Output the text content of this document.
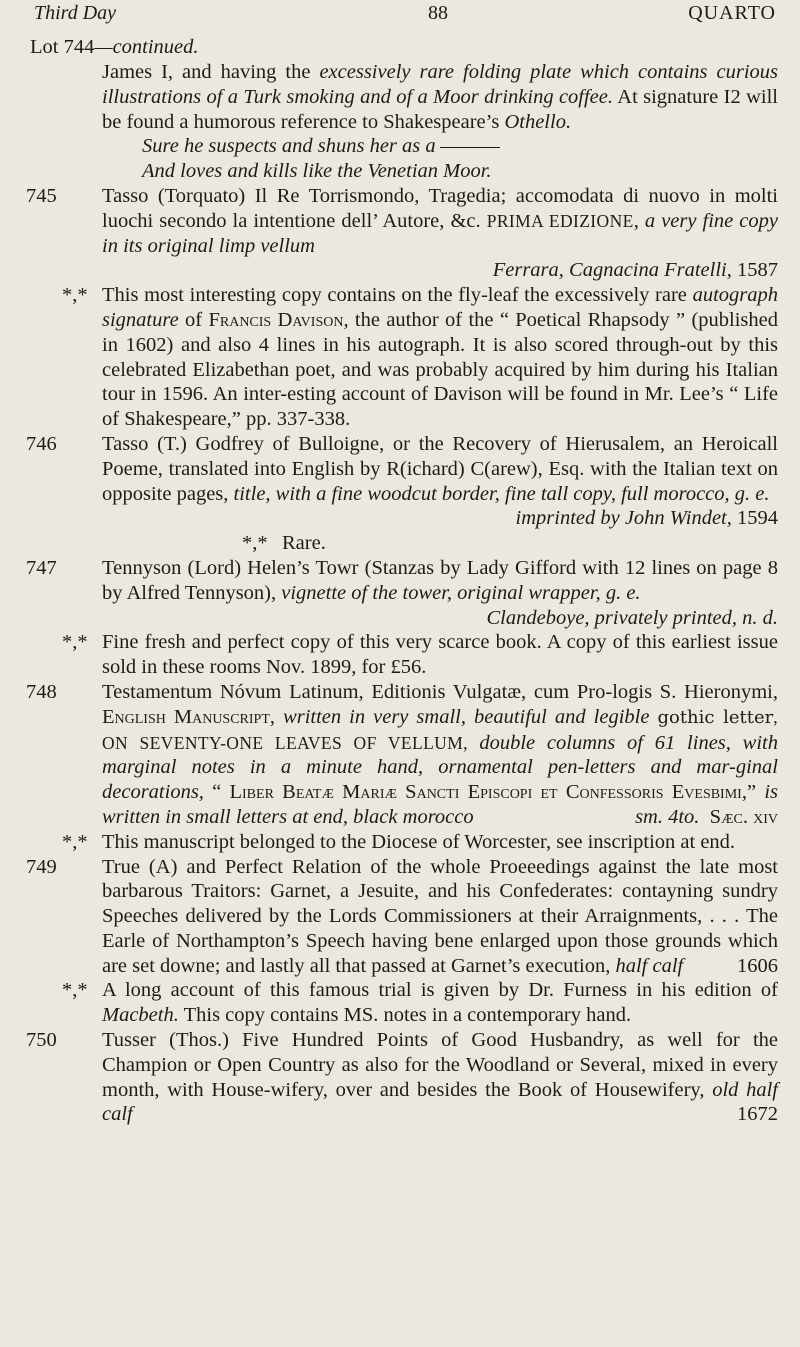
Third Day	88	QUARTO
Lot 744—continued.
James I, and having the excessively rare folding plate which contains curious illustrations of a Turk smoking and of a Moor drinking coffee. At signature I2 will be found a humorous reference to Shakespeare’s Othello.
Sure he suspects and shuns her as a
And loves and kills like the Venetian Moor.
745 Tasso (Torquato) Il Re Torrismondo, Tragedia; accomodata di nuovo in molti luochi secondo la intentione dell’ Autore, &c. PRIMA EDIZIONE, a very fine copy in its original limp vellum
Ferrara, Cagnacina Fratelli, 1587
*,* This most interesting copy contains on the fly-leaf the excessively rare autograph signature of Francis Davison, the author of the “ Poetical Rhapsody ” (published in 1602) and also 4 lines in his autograph. It is also scored through-out by this celebrated Elizabethan poet, and was probably acquired by him during his Italian tour in 1596. An inter-esting account of Davison will be found in Mr. Lee’s “ Life of Shakespeare,” pp. 337-338.
746 Tasso (T.) Godfrey of Bulloigne, or the Recovery of Hierusalem, an Heroicall Poeme, translated into English by R(ichard) C(arew), Esq. with the Italian text on opposite pages, title, with a fine woodcut border, fine tall copy, full morocco, g. e.
imprinted by John Windet, 1594
*,* Rare.
747 Tennyson (Lord) Helen’s Towr (Stanzas by Lady Gifford with 12 lines on page 8 by Alfred Tennyson), vignette of the tower, original wrapper, g. e.
Clandeboye, privately printed, n. d.
*,* Fine fresh and perfect copy of this very scarce book. A copy of this earliest issue sold in these rooms Nov. 1899, for £56.
748 Testamentum Nóvum Latinum, Editionis Vulgatæ, cum Pro-logis S. Hieronymi, English Manuscript, written in very small, beautiful and legible gothic letter, ON SEVENTY-ONE LEAVES OF VELLUM, double columns of 61 lines, with marginal notes in a minute hand, ornamental pen-letters and mar-ginal decorations, “ Liber Beatæ Mariæ Sancti Episcopi et Confessoris Evesbimi,” is written in small letters at end, black morocco	sm. 4to. Sæc. xiv
*,* This manuscript belonged to the Diocese of Worcester, see inscription at end.
749 True (A) and Perfect Relation of the whole Proeeedings against the late most barbarous Traitors: Garnet, a Jesuite, and his Confederates: contayning sundry Speeches delivered by the Lords Commissioners at their Arraignments, . . . The Earle of Northampton’s Speech having bene enlarged upon those grounds which are set downe; and lastly all that passed at Garnet’s execution, half calf	1606
*,* A long account of this famous trial is given by Dr. Furness in his edition of Macbeth. This copy contains MS. notes in a contemporary hand.
750 Tusser (Thos.) Five Hundred Points of Good Husbandry, as well for the Champion or Open Country as also for the Woodland or Several, mixed in every month, with House-wifery, over and besides the Book of Housewifery, old half calf	1672
